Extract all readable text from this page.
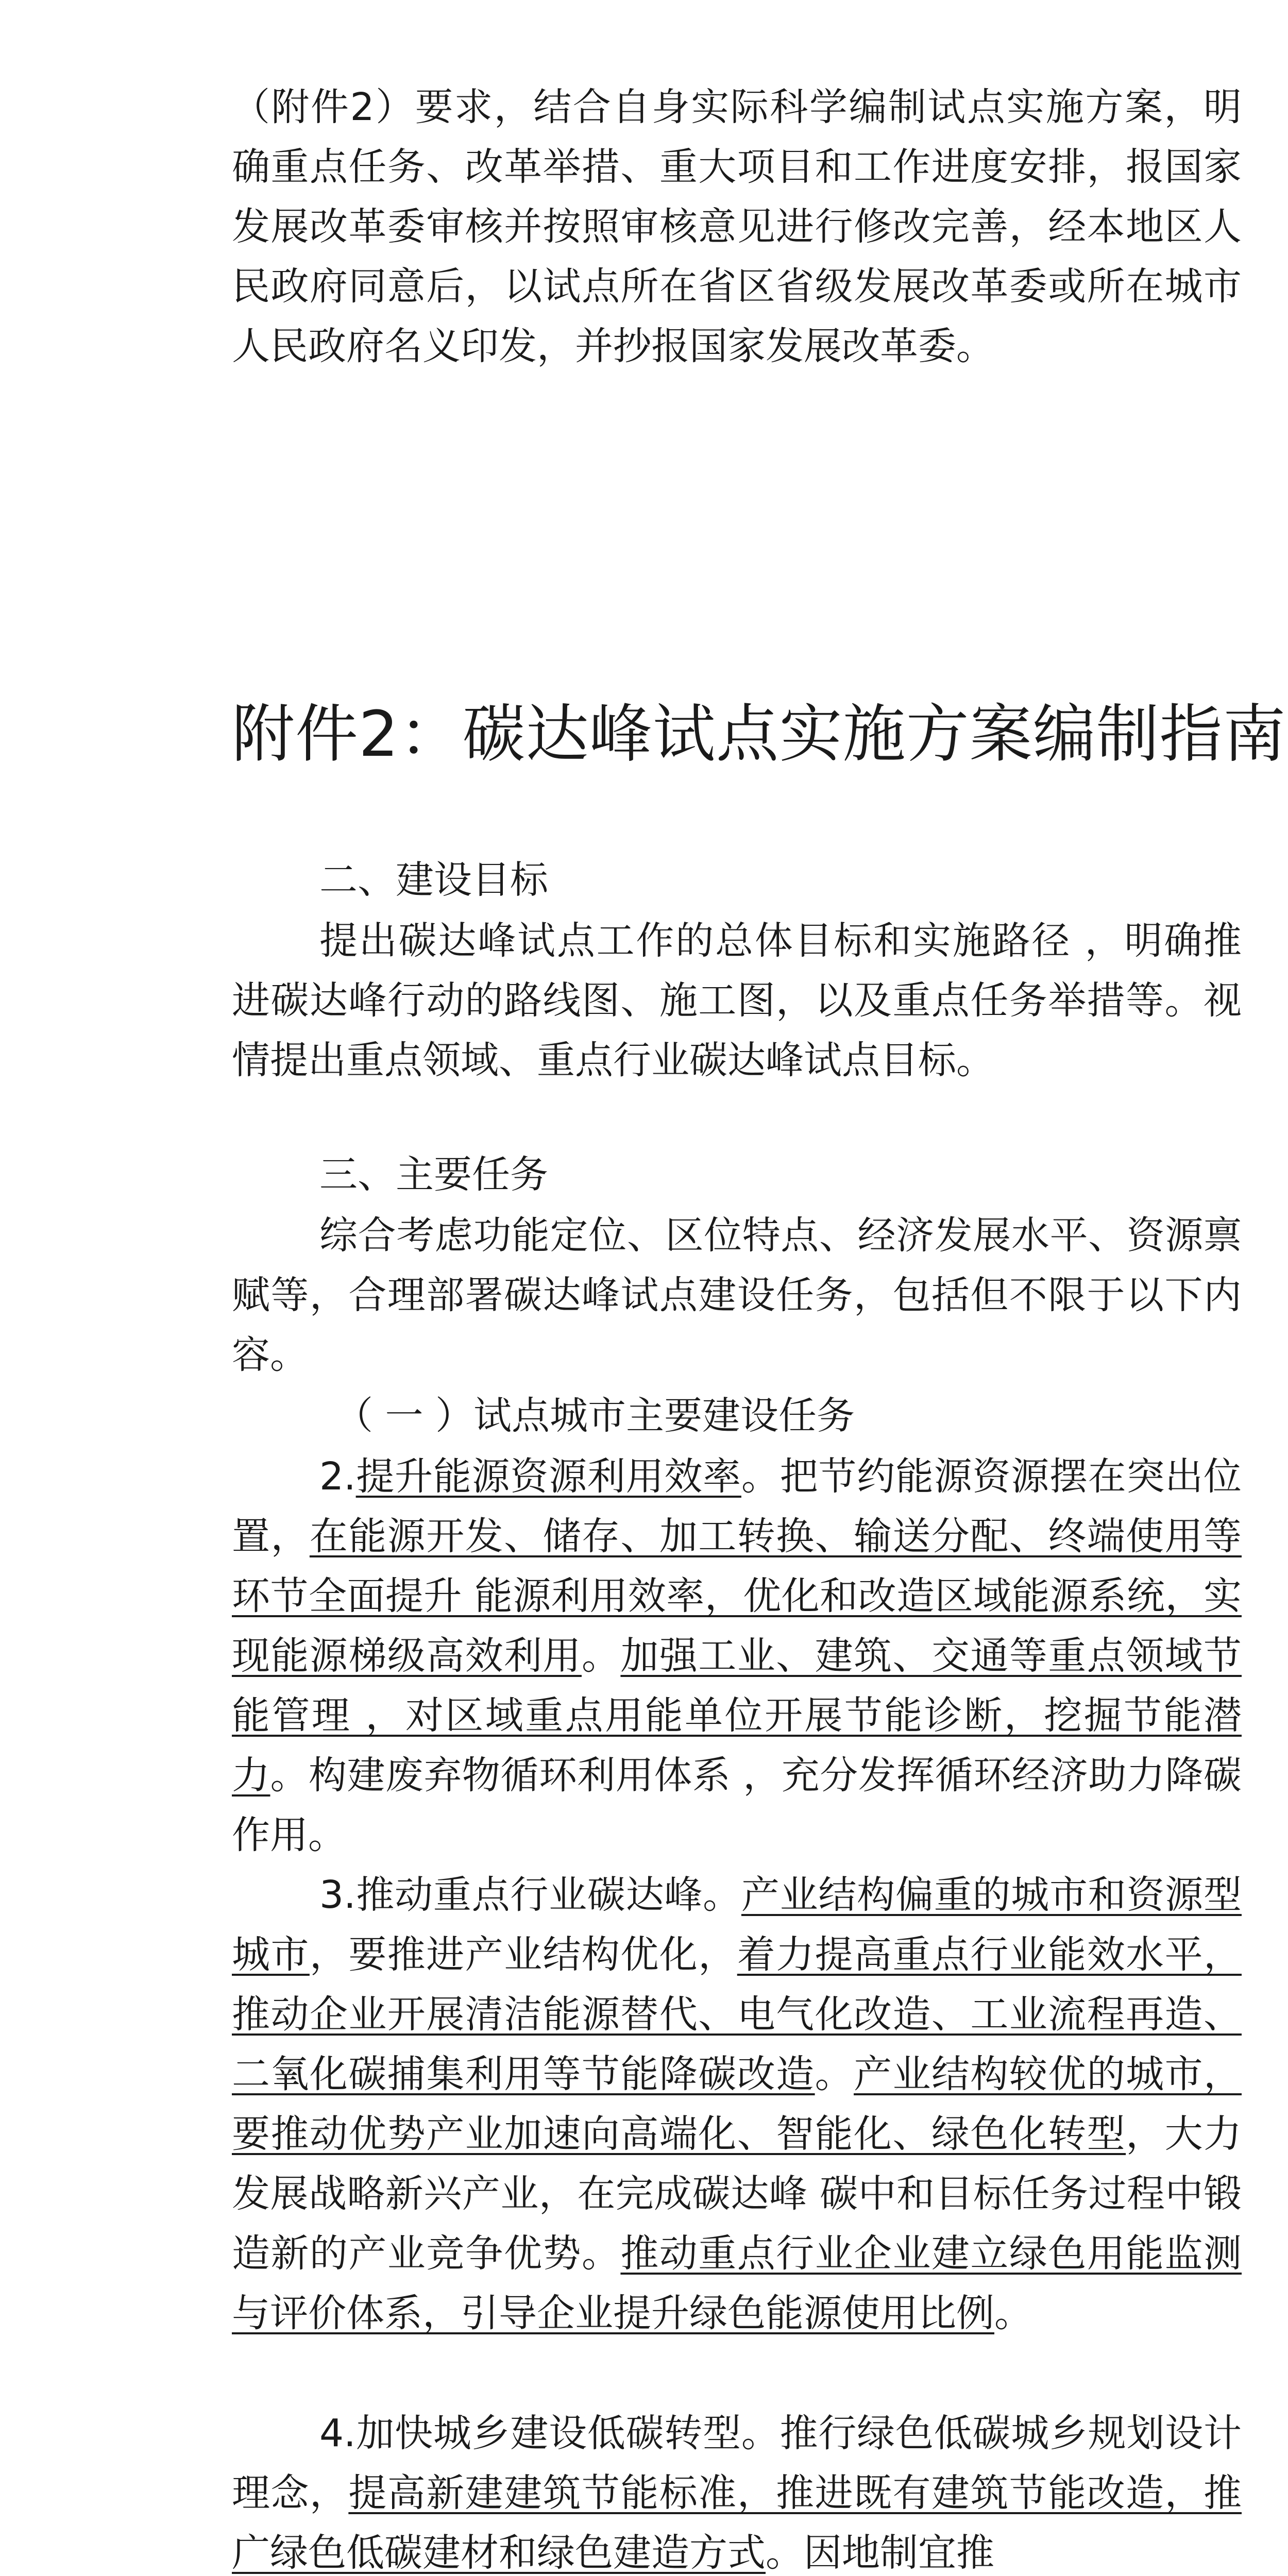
（附件2）要求，结合自身实际科学编制试点实施方案，明确重点任务、改革举措、重大项目和工作进度安排，报国家发展改革委审核并按照审核意见进行修改完善，经本地区人民政府同意后，以试点所在省区省级发展改革委或所在城市人民政府名义印发，并抄报国家发展改革委。

附件2：碳达峰试点实施方案编制指南

二、建设目标

提出碳达峰试点工作的总体目标和实施路径 ，明确推进碳达峰行动的路线图、施工图，以及重点任务举措等。视情提出重点领域、重点行业碳达峰试点目标。

三、主要任务

综合考虑功能定位、区位特点、经济发展水平、资源禀赋等，合理部署碳达峰试点建设任务，包括但不限于以下内容。

（ 一 ）试点城市主要建设任务

2.提升能源资源利用效率。把节约能源资源摆在突出位置，在能源开发、储存、加工转换、输送分配、终端使用等环节全面提升 能源利用效率，优化和改造区域能源系统，实现能源梯级高效利用。加强工业、建筑、交通等重点领域节能管理 ，对区域重点用能单位开展节能诊断，挖掘节能潜力。构建废弃物循环利用体系 ，充分发挥循环经济助力降碳作用。

3.推动重点行业碳达峰。产业结构偏重的城市和资源型城市，要推进产业结构优化，着力提高重点行业能效水平，推动企业开展清洁能源替代、电气化改造、工业流程再造、二氧化碳捕集利用等节能降碳改造。产业结构较优的城市，要推动优势产业加速向高端化、智能化、绿色化转型，大力发展战略新兴产业，在完成碳达峰 碳中和目标任务过程中锻造新的产业竞争优势。推动重点行业企业建立绿色用能监测与评价体系，引导企业提升绿色能源使用比例。

4.加快城乡建设低碳转型。推行绿色低碳城乡规划设计理念，提高新建建筑节能标准，推进既有建筑节能改造，推广绿色低碳建材和绿色建造方式。因地制宜推
